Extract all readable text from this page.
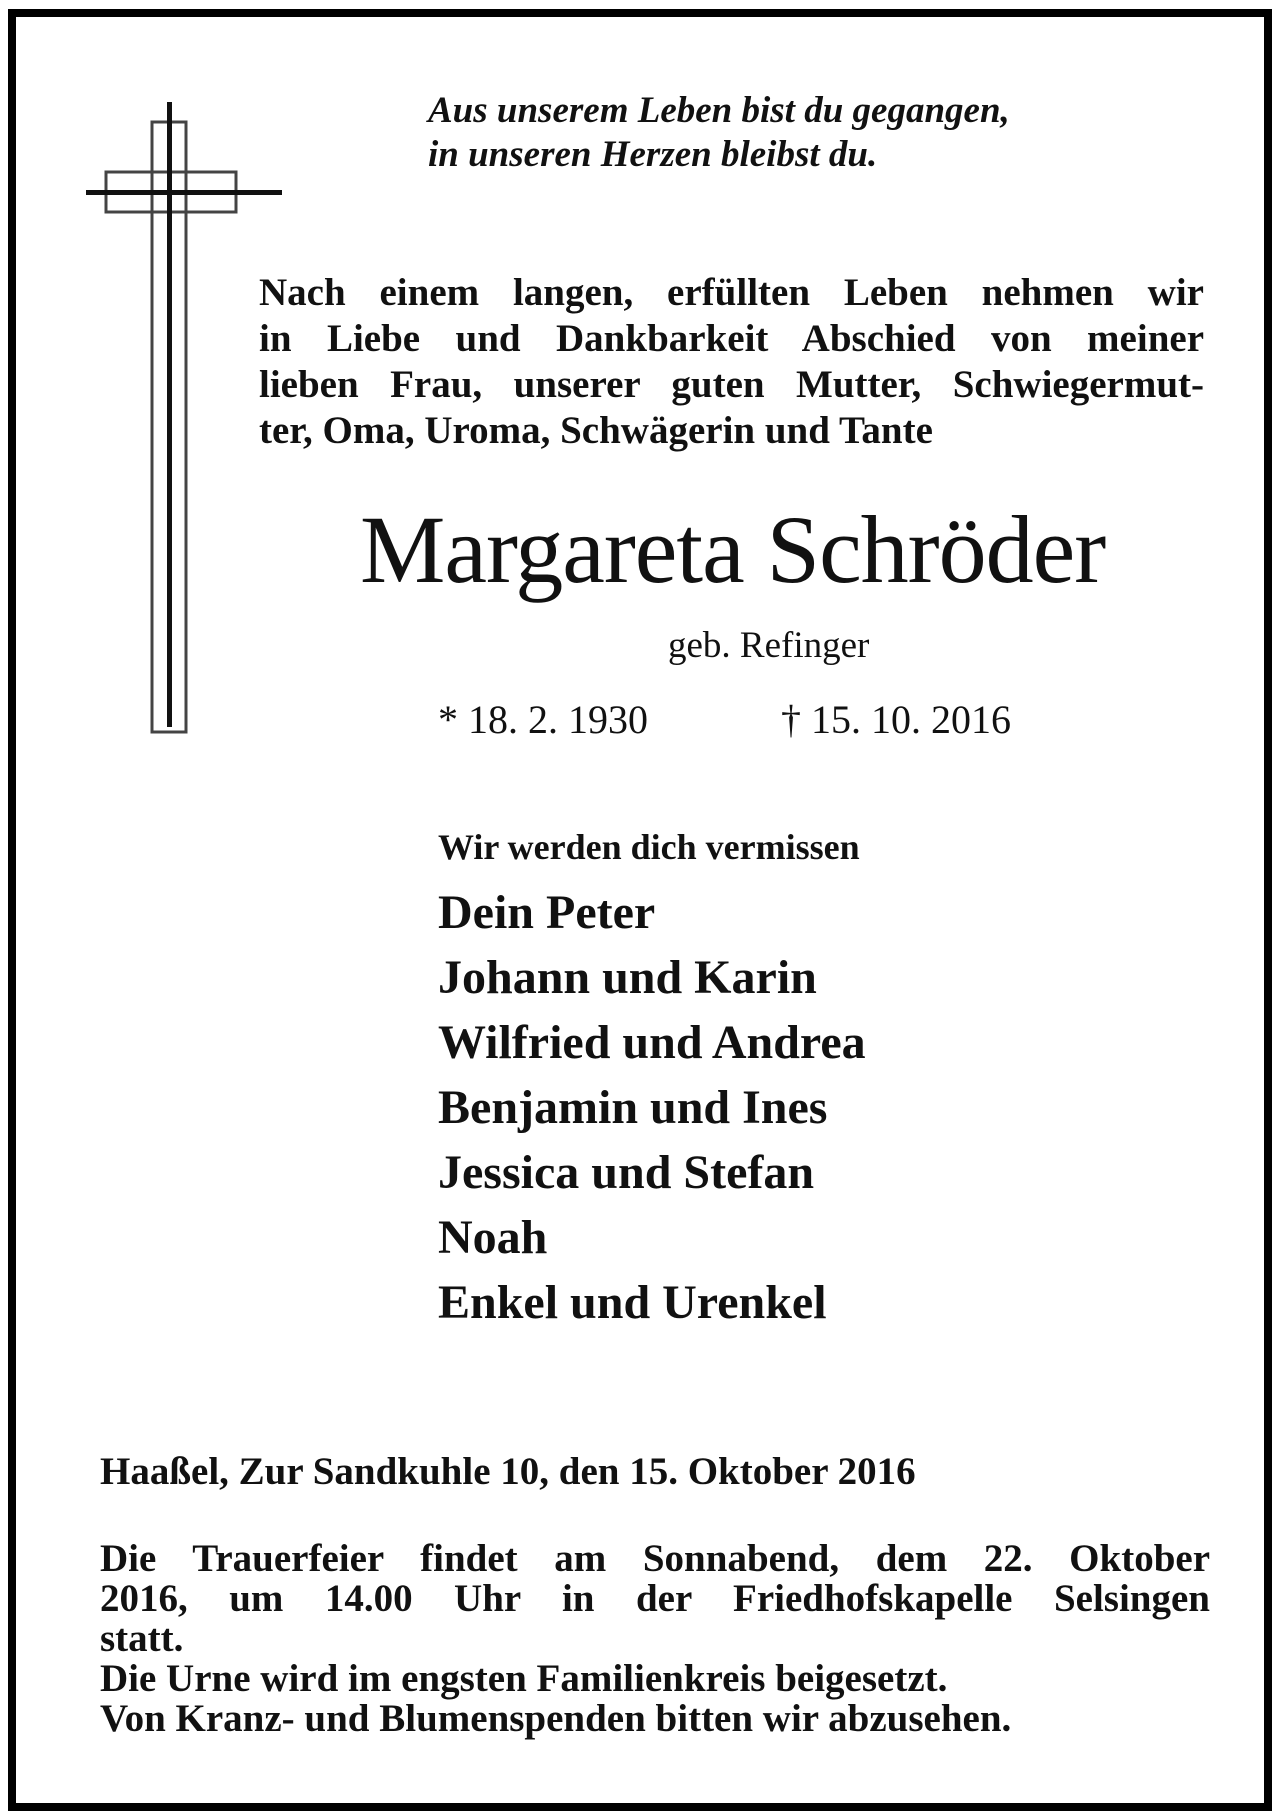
Aus unserem Leben bist du gegangen,
in unseren Herzen bleibst du.
Nach einem langen, erfüllten Leben nehmen wir
in Liebe und Dankbarkeit Abschied von meiner
lieben Frau, unserer guten Mutter, Schwiegermut-
ter, Oma, Uroma, Schwägerin und Tante
Margareta Schröder
geb. Refinger
* 18. 2. 1930	† 15. 10. 2016
Wir werden dich vermissen
Dein Peter
Johann und Karin
Wilfried und Andrea
Benjamin und Ines
Jessica und Stefan
Noah
Enkel und Urenkel
Haaßel, Zur Sandkuhle 10, den 15. Oktober 2016
Die Trauerfeier findet am Sonnabend, dem 22. Oktober
2016, um 14.00 Uhr in der Friedhofskapelle Selsingen
statt.
Die Urne wird im engsten Familienkreis beigesetzt.
Von Kranz- und Blumenspenden bitten wir abzusehen.
